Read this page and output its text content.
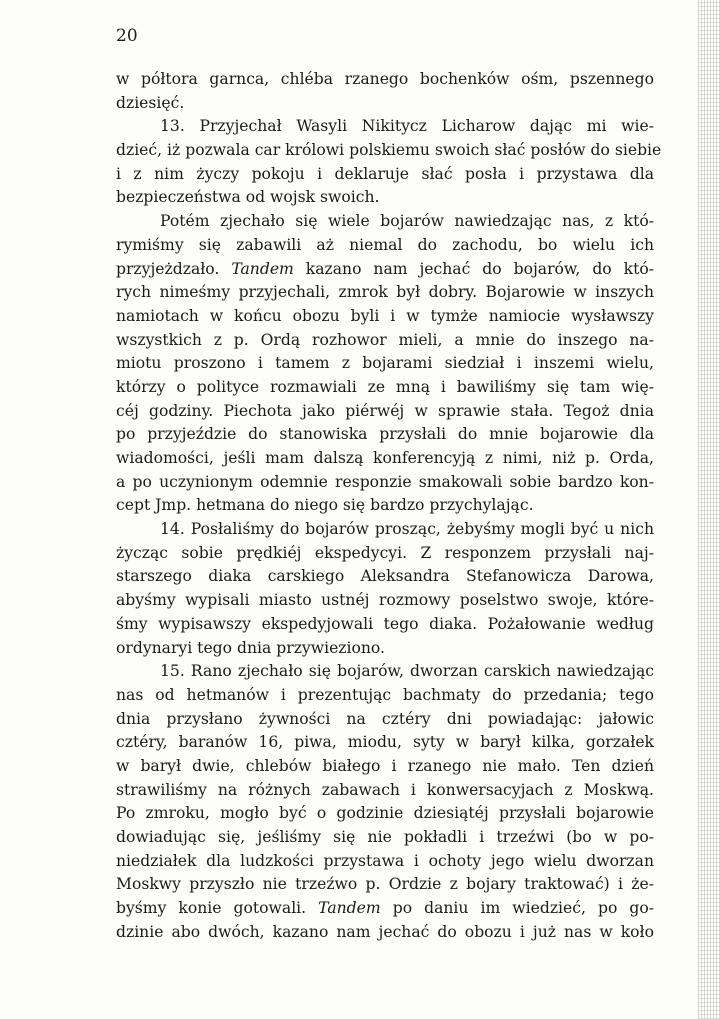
20
w półtora garnca, chléba rzanego bochenków ośm, pszennego
dziesięć.
13. Przyjechał Wasyli Nikitycz Licharow dając mi wie-
dzieć, iż pozwala car królowi polskiemu swoich słać posłów do siebie
i z nim życzy pokoju i deklaruje słać posła i przystawa dla
bezpieczeństwa od wojsk swoich.
Potém zjechało się wiele bojarów nawiedzając nas, z któ-
rymiśmy się zabawili aż niemal do zachodu, bo wielu ich
przyjeżdzało. Tandem kazano nam jechać do bojarów, do któ-
rych nimeśmy przyjechali, zmrok był dobry. Bojarowie w inszych
namiotach w końcu obozu byli i w tymże namiocie wysławszy
wszystkich z p. Ordą rozhowor mieli, a mnie do inszego na-
miotu proszono i tamem z bojarami siedział i inszemi wielu,
którzy o polityce rozmawiali ze mną i bawiliśmy się tam wię-
céj godziny. Piechota jako piérwéj w sprawie stała. Tegoż dnia
po przyjeździe do stanowiska przysłali do mnie bojarowie dla
wiadomości, jeśli mam dalszą konferencyją z nimi, niż p. Orda,
a po uczynionym odemnie responzie smakowali sobie bardzo kon-
cept Jmp. hetmana do niego się bardzo przychylając.
14. Posłaliśmy do bojarów prosząc, żebyśmy mogli być u nich
życząc sobie prędkiéj ekspedycyi. Z responzem przysłali naj-
starszego diaka carskiego Aleksandra Stefanowicza Darowa,
abyśmy wypisali miasto ustnéj rozmowy poselstwo swoje, które-
śmy wypisawszy ekspedyjowali tego diaka. Pożałowanie według
ordynaryi tego dnia przywieziono.
15. Rano zjechało się bojarów, dworzan carskich nawiedzając
nas od hetmanów i prezentując bachmaty do przedania; tego
dnia przysłano żywności na cztéry dni powiadając: jałowic
cztéry, baranów 16, piwa, miodu, syty w barył kilka, gorzałek
w barył dwie, chlebów białego i rzanego nie mało. Ten dzień
strawiliśmy na różnych zabawach i konwersacyjach z Moskwą.
Po zmroku, mogło być o godzinie dziesiątéj przysłali bojarowie
dowiadując się, jeśliśmy się nie pokładli i trzeźwi (bo w po-
niedziałek dla ludzkości przystawa i ochoty jego wielu dworzan
Moskwy przyszło nie trzeźwo p. Ordzie z bojary traktować) i że-
byśmy konie gotowali. Tandem po daniu im wiedzieć, po go-
dzinie abo dwóch, kazano nam jechać do obozu i już nas w koło
